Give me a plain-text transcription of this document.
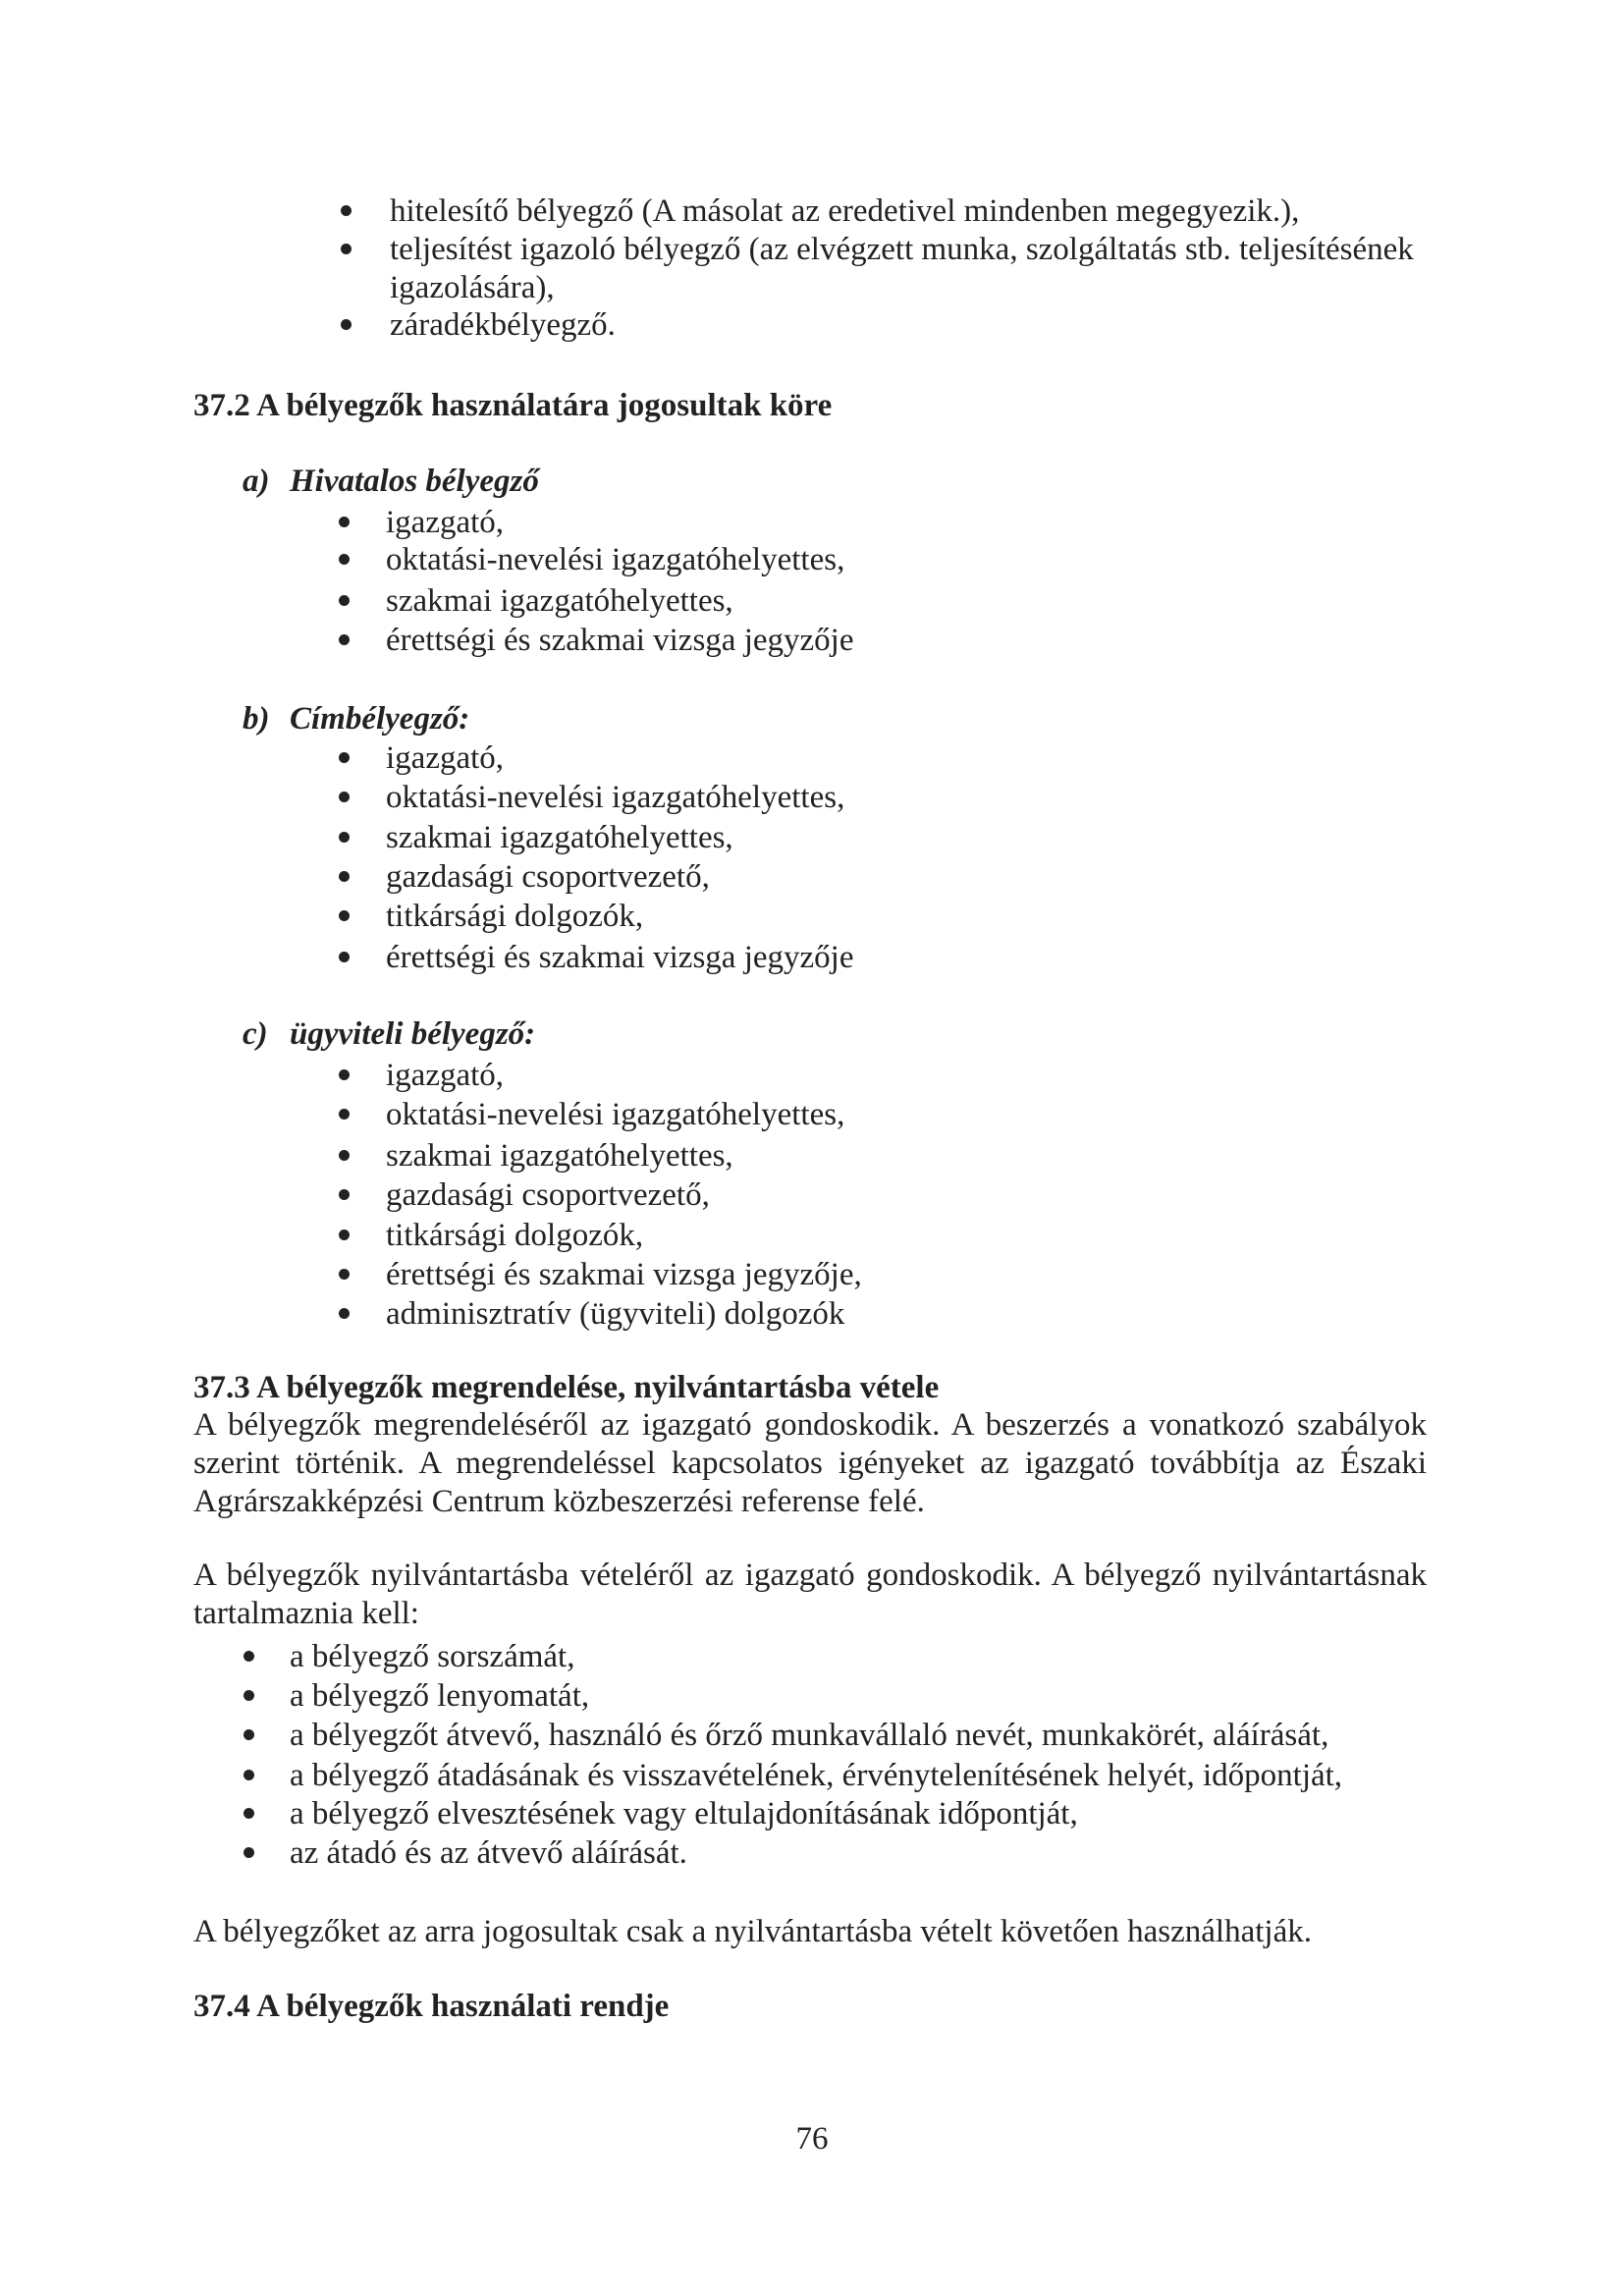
hitelesítő bélyegző (A másolat az eredetivel mindenben megegyezik.),
teljesítést igazoló bélyegző (az elvégzett munka, szolgáltatás stb. teljesítésének
igazolására),
záradékbélyegző.
37.2 A bélyegzők használatára jogosultak köre
a) Hivatalos bélyegző
igazgató,
oktatási-nevelési igazgatóhelyettes,
szakmai igazgatóhelyettes,
érettségi és szakmai vizsga jegyzője
b) Címbélyegző:
igazgató,
oktatási-nevelési igazgatóhelyettes,
szakmai igazgatóhelyettes,
gazdasági csoportvezető,
titkársági dolgozók,
érettségi és szakmai vizsga jegyzője
c) ügyviteli bélyegző:
igazgató,
oktatási-nevelési igazgatóhelyettes,
szakmai igazgatóhelyettes,
gazdasági csoportvezető,
titkársági dolgozók,
érettségi és szakmai vizsga jegyzője,
adminisztratív (ügyviteli) dolgozók
37.3 A bélyegzők megrendelése, nyilvántartásba vétele
A bélyegzők megrendeléséről az igazgató gondoskodik. A beszerzés a vonatkozó szabályok szerint történik. A megrendeléssel kapcsolatos igényeket az igazgató továbbítja az Északi Agrárszakképzési Centrum közbeszerzési referense felé.
A bélyegzők nyilvántartásba vételéről az igazgató gondoskodik. A bélyegző nyilvántartásnak tartalmaznia kell:
a bélyegző sorszámát,
a bélyegző lenyomatát,
a bélyegzőt átvevő, használó és őrző munkavállaló nevét, munkakörét, aláírását,
a bélyegző átadásának és visszavételének, érvénytelenítésének helyét, időpontját,
a bélyegző elvesztésének vagy eltulajdonításának időpontját,
az átadó és az átvevő aláírását.
A bélyegzőket az arra jogosultak csak a nyilvántartásba vételt követően használhatják.
37.4 A bélyegzők használati rendje
76
